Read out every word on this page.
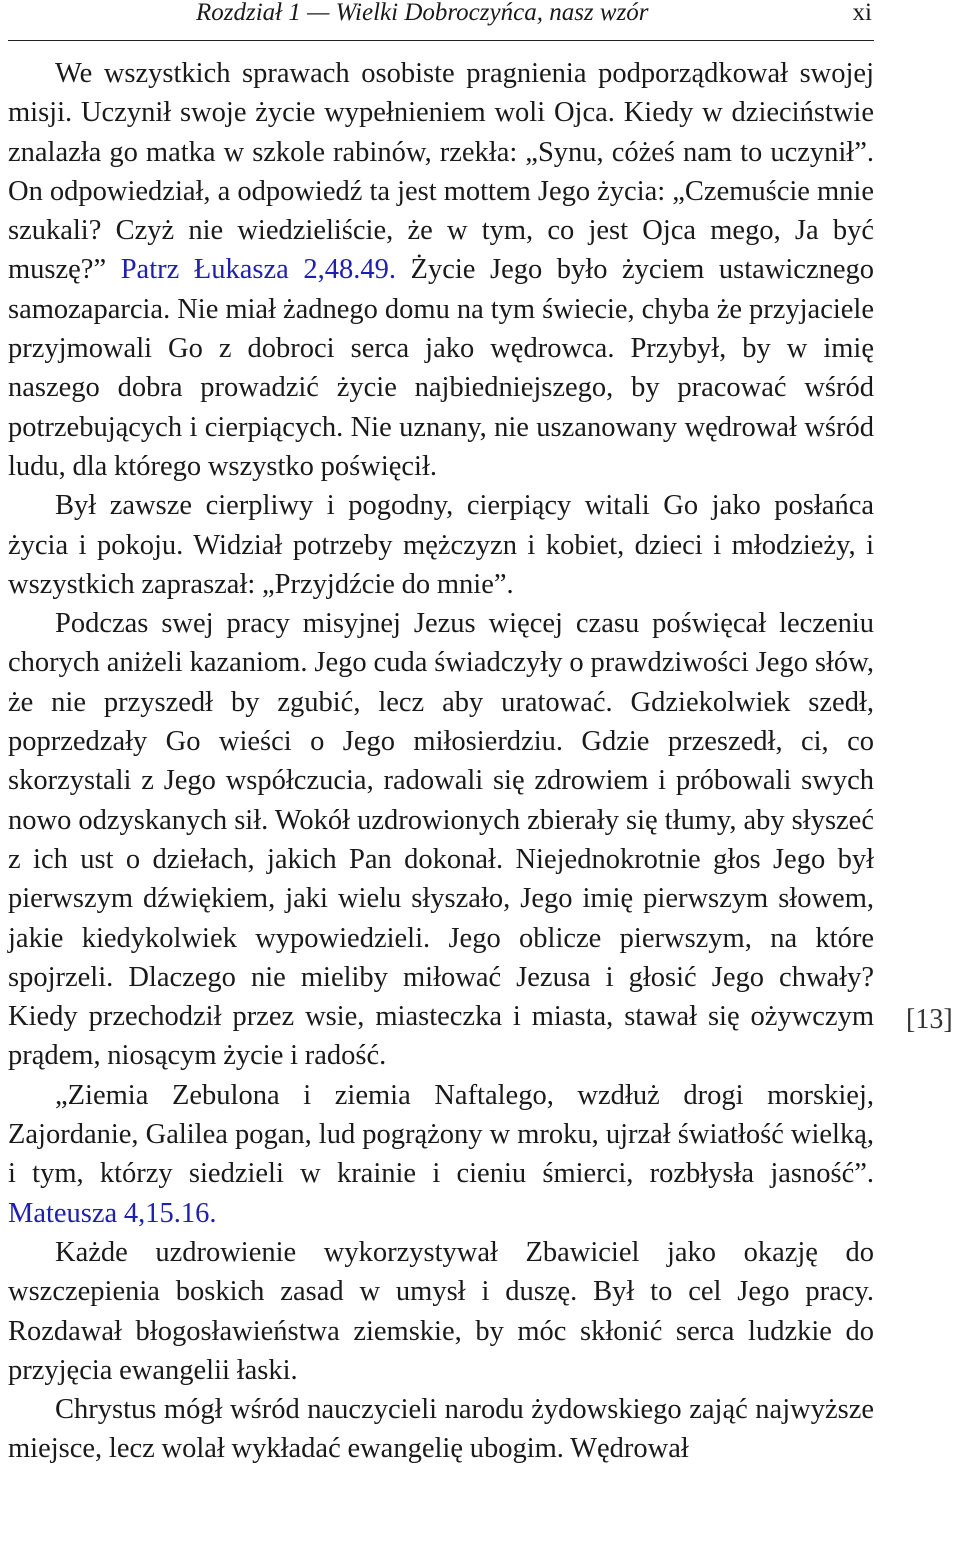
Rozdział 1 — Wielki Dobroczyńca, nasz wzór	xi

We wszystkich sprawach osobiste pragnienia podporządkował swojej misji. Uczynił swoje życie wypełnieniem woli Ojca. Kiedy w dzieciństwie znalazła go matka w szkole rabinów, rzekła: „Synu, cóżeś nam to uczynił”. On odpowiedział, a odpowiedź ta jest mottem Jego życia: „Czemuście mnie szukali? Czyż nie wiedzieliście, że w tym, co jest Ojca mego, Ja być muszę?” Patrz Łukasza 2,48.49. Życie Jego było życiem ustawicznego samozaparcia. Nie miał żadnego domu na tym świecie, chyba że przyjaciele przyjmowali Go z dobroci serca jako wędrowca. Przybył, by w imię naszego dobra prowadzić życie najbiedniejszego, by pracować wśród potrzebujących i cierpiących. Nie uznany, nie uszanowany wędrował wśród ludu, dla którego wszystko poświęcił.

Był zawsze cierpliwy i pogodny, cierpiący witali Go jako posłańca życia i pokoju. Widział potrzeby mężczyzn i kobiet, dzieci i młodzieży, i wszystkich zapraszał: „Przyjdźcie do mnie”.

Podczas swej pracy misyjnej Jezus więcej czasu poświęcał leczeniu chorych aniżeli kazaniom. Jego cuda świadczyły o prawdziwości Jego słów, że nie przyszedł by zgubić, lecz aby uratować. Gdziekolwiek szedł, poprzedzały Go wieści o Jego miłosierdziu. Gdzie przeszedł, ci, co skorzystali z Jego współczucia, radowali się zdrowiem i próbowali swych nowo odzyskanych sił. Wokół uzdrowionych zbierały się tłumy, aby słyszeć z ich ust o dziełach, jakich Pan dokonał. Niejednokrotnie głos Jego był pierwszym dźwiękiem, jaki wielu słyszało, Jego imię pierwszym słowem, jakie kiedykolwiek wypowiedzieli. Jego oblicze pierwszym, na które spojrzeli. Dlaczego nie mieliby miłować Jezusa i głosić Jego chwały? Kiedy przechodził przez wsie, miasteczka i miasta, stawał się ożywczym prądem, niosącym życie i radość.

„Ziemia Zebulona i ziemia Naftalego, wzdłuż drogi morskiej, Zajordanie, Galilea pogan, lud pogrążony w mroku, ujrzał światłość wielką, i tym, którzy siedzieli w krainie i cieniu śmierci, rozbłysła jasność”. Mateusza 4,15.16.

Każde uzdrowienie wykorzystywał Zbawiciel jako okazję do wszczepienia boskich zasad w umysł i duszę. Był to cel Jego pracy. Rozdawał błogosławieństwa ziemskie, by móc skłonić serca ludzkie do przyjęcia ewangelii łaski.

Chrystus mógł wśród nauczycieli narodu żydowskiego zająć najwyższe miejsce, lecz wolał wykładać ewangelię ubogim. Wędrował

[13]
